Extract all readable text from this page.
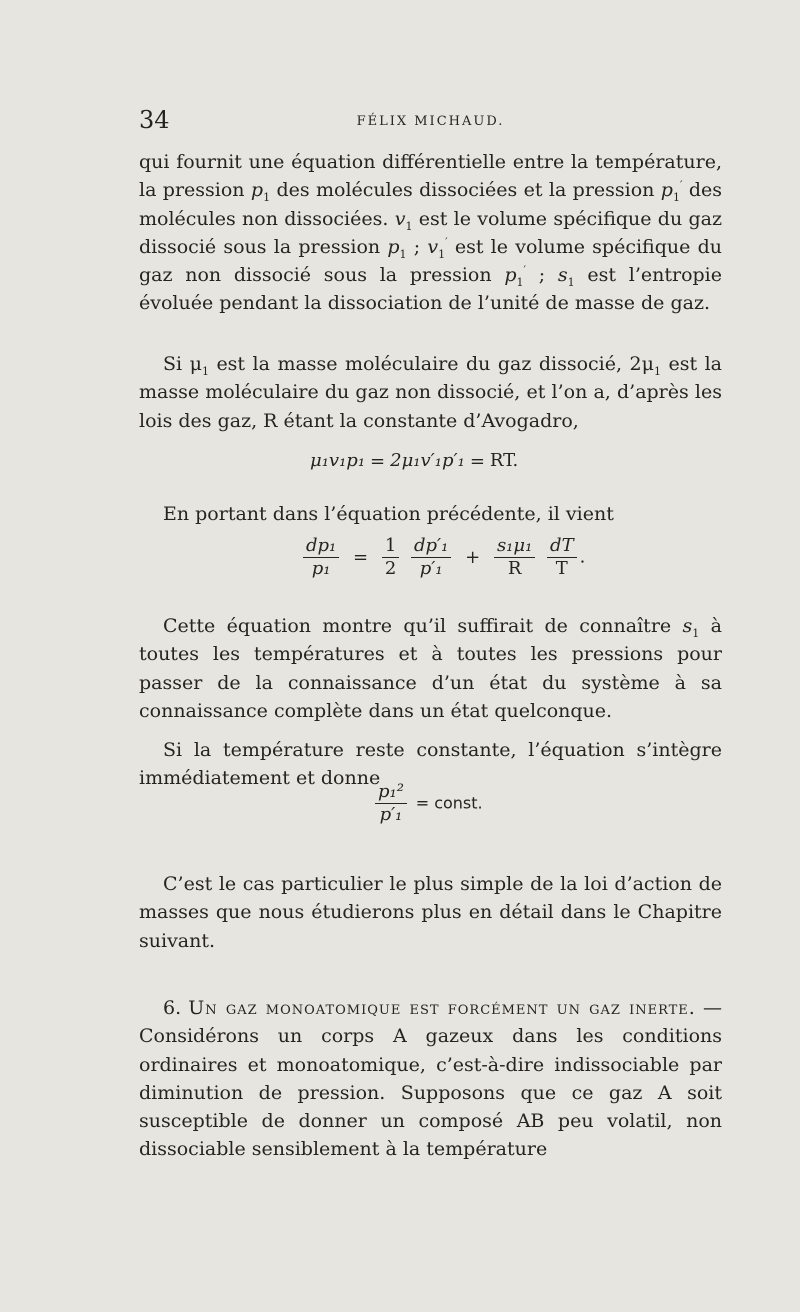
34	FÉLIX MICHAUD.

qui fournit une équation différentielle entre la température, la pression $p_1$ des molécules dissociées et la pression $p_1'$ des molécules non dissociées. $v_1$ est le volume spécifique du gaz dissocié sous la pression $p_1$ ; $v_1'$ est le volume spécifique du gaz non dissocié sous la pression $p_1'$ ; $s_1$ est l’entropie évoluée pendant la dissociation de l’unité de masse de gaz.

Si $\mu_1$ est la masse moléculaire du gaz dissocié, $2\mu_1$ est la masse moléculaire du gaz non dissocié, et l’on a, d’après les lois des gaz, R étant la constante d’Avogadro,

μ₁v₁p₁ = 2μ₁v′₁p′₁ = RT.

En portant dans l’équation précédente, il vient

$\frac{\text{dp₁}}{\text{p₁}} = \frac{1}{2}$
$\frac{\text{dp′₁}}{\text{p′₁}} + \frac{\text{s₁μ₁}}{R}$
$\frac{dT}{T}$ .

Cette équation montre qu’il suffirait de connaître $s_1$ à toutes les températures et à toutes les pressions pour passer de la connaissance d’un état du système à sa connaissance complète dans un état quelconque.

Si la température reste constante, l’équation s’intègre immédiatement et donne

$\frac{\text{p₁²}}{\text{p′₁}}$ = const.

C’est le cas particulier le plus simple de la loi d’action de masses que nous étudierons plus en détail dans le Chapitre suivant.

6. Un gaz monoatomique est forcément un gaz inerte. — Considérons un corps A gazeux dans les conditions ordinaires et monoatomique, c’est-à-dire indissociable par diminution de pression. Supposons que ce gaz A soit susceptible de donner un composé AB peu volatil, non dissociable sensiblement à la température
